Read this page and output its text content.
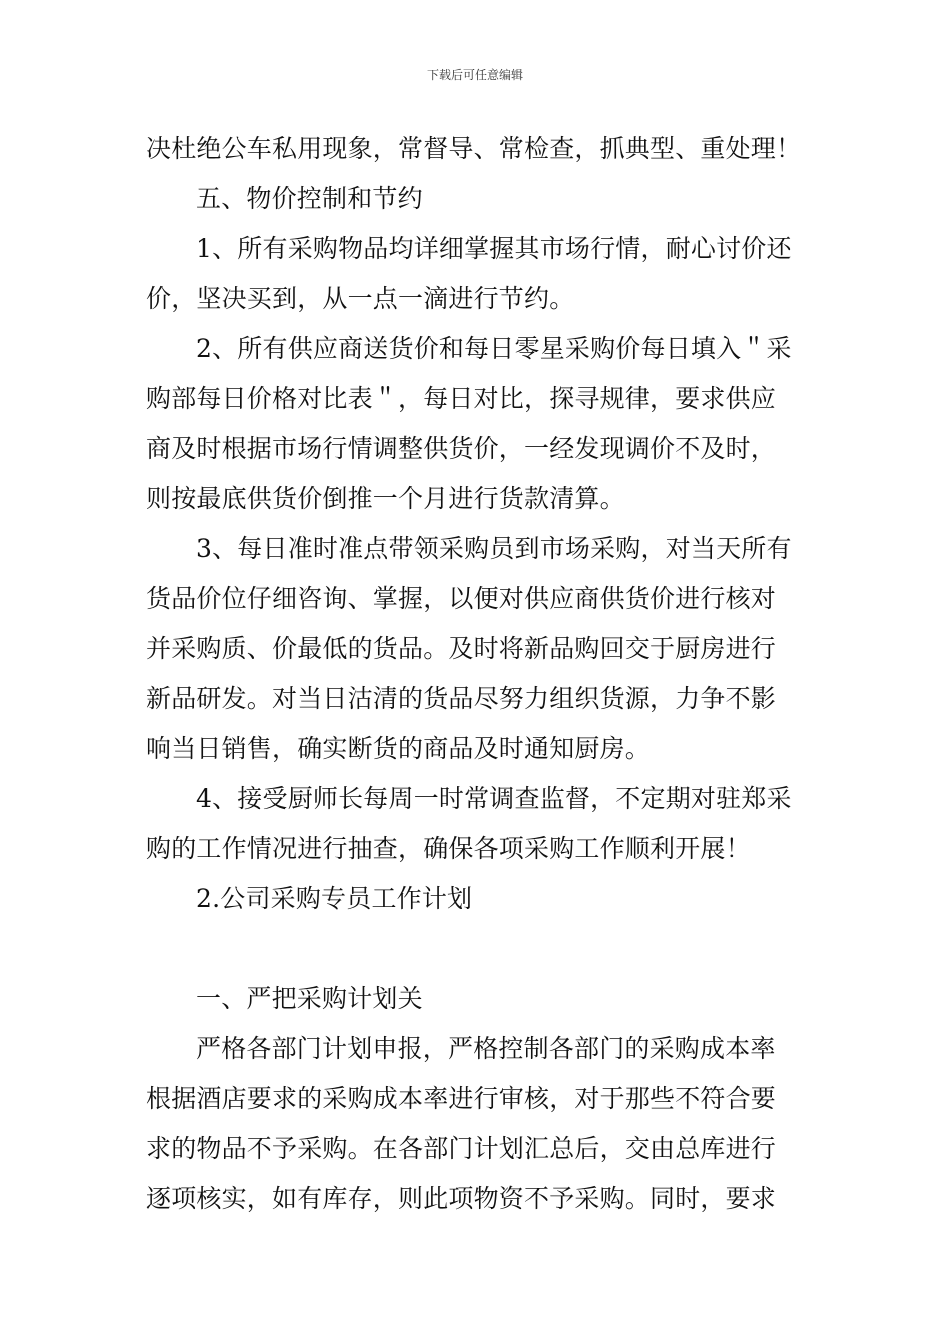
下载后可任意编辑
决杜绝公车私用现象，常督导、常检查，抓典型、重处理！
五、物价控制和节约
1、所有采购物品均详细掌握其市场行情，耐心讨价还
价，坚决买到，从一点一滴进行节约。
2、所有供应商送货价和每日零星采购价每日填入＂采
购部每日价格对比表＂，每日对比，探寻规律，要求供应
商及时根据市场行情调整供货价，一经发现调价不及时，
则按最底供货价倒推一个月进行货款清算。
3、每日准时准点带领采购员到市场采购，对当天所有
货品价位仔细咨询、掌握，以便对供应商供货价进行核对
并采购质、价最低的货品。及时将新品购回交于厨房进行
新品研发。对当日沽清的货品尽努力组织货源，力争不影
响当日销售，确实断货的商品及时通知厨房。
4、接受厨师长每周一时常调查监督，不定期对驻郑采
购的工作情况进行抽查，确保各项采购工作顺利开展！
2.公司采购专员工作计划
一、严把采购计划关
严格各部门计划申报，严格控制各部门的采购成本率
根据酒店要求的采购成本率进行审核，对于那些不符合要
求的物品不予采购。在各部门计划汇总后，交由总库进行
逐项核实，如有库存，则此项物资不予采购。同时，要求
